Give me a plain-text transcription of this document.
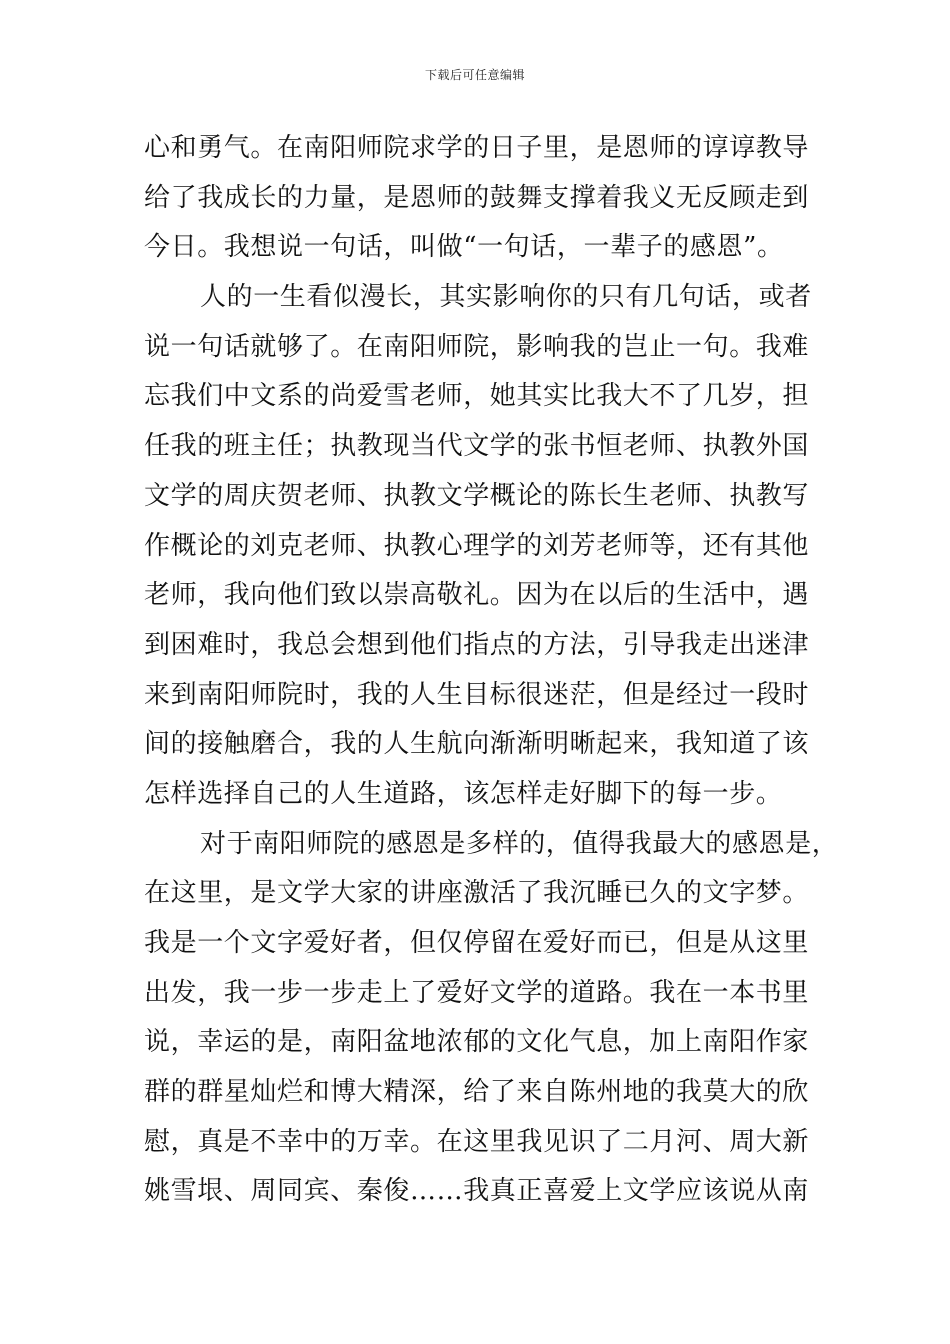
下载后可任意编辑
心和勇气。在南阳师院求学的日子里，是恩师的谆谆教导
给了我成长的力量，是恩师的鼓舞支撑着我义无反顾走到
今日。我想说一句话，叫做“一句话，一辈子的感恩”。
人的一生看似漫长，其实影响你的只有几句话，或者
说一句话就够了。在南阳师院，影响我的岂止一句。我难
忘我们中文系的尚爱雪老师，她其实比我大不了几岁，担
任我的班主任；执教现当代文学的张书恒老师、执教外国
文学的周庆贺老师、执教文学概论的陈长生老师、执教写
作概论的刘克老师、执教心理学的刘芳老师等，还有其他
老师，我向他们致以崇高敬礼。因为在以后的生活中，遇
到困难时，我总会想到他们指点的方法，引导我走出迷津
来到南阳师院时，我的人生目标很迷茫，但是经过一段时
间的接触磨合，我的人生航向渐渐明晰起来，我知道了该
怎样选择自己的人生道路，该怎样走好脚下的每一步。
对于南阳师院的感恩是多样的，值得我最大的感恩是，
在这里，是文学大家的讲座激活了我沉睡已久的文字梦。
我是一个文字爱好者，但仅停留在爱好而已，但是从这里
出发，我一步一步走上了爱好文学的道路。我在一本书里
说，幸运的是，南阳盆地浓郁的文化气息，加上南阳作家
群的群星灿烂和博大精深，给了来自陈州地的我莫大的欣
慰，真是不幸中的万幸。在这里我见识了二月河、周大新
姚雪垠、周同宾、秦俊……我真正喜爱上文学应该说从南
